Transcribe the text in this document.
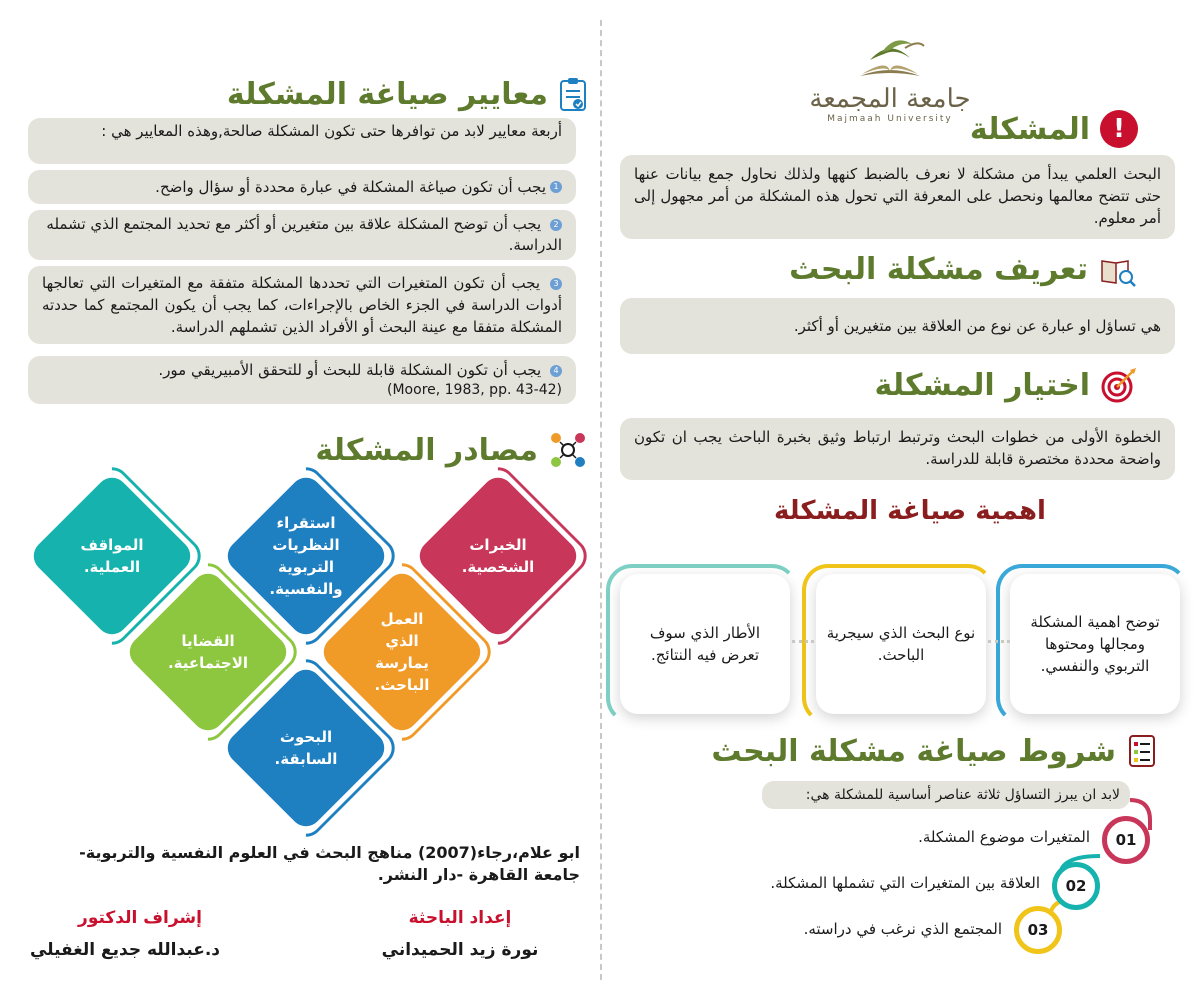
جامعة المجمعة
Majmaah University	!
المشكلة
البحث العلمي يبدأ من مشكلة لا نعرف بالضبط كنهها ولذلك نحاول جمع بيانات عنها حتى تتضح معالمها ونحصل على المعرفة التي تحول هذه المشكلة من أمر مجهول إلى أمر معلوم.
تعريف مشكلة البحث
هي تساؤل او عبارة عن نوع من العلاقة بين متغيرين أو أكثر.
اختيار المشكلة
الخطوة الأولى من خطوات البحث وترتبط ارتباط وثيق بخبرة الباحث يجب ان تكون واضحة محددة مختصرة قابلة للدراسة.
اهمية صياغة المشكلة
توضح اهمية المشكلة ومجالها ومحتوها التربوي والنفسي.
نوع البحث الذي سيجرية الباحث.
الأطار الذي سوف تعرض فيه النتائج.
شروط صياغة مشكلة البحث
لابد ان يبرز التساؤل ثلاثة عناصر أساسية للمشكلة هي:
01
المتغيرات موضوع المشكلة.
02
العلاقة بين المتغيرات التي تشملها المشكلة.
03
المجتمع الذي نرغب في دراسته.
معايير صياغة المشكلة
أربعة معايير لابد من توافرها حتى تكون المشكلة صالحة,وهذه المعايير هي :
1
يجب أن تكون صياغة المشكلة في عبارة محددة أو سؤال واضح.
2 يجب أن توضح المشكلة علاقة بين متغيرين أو أكثر مع تحديد المجتمع الذي تشمله الدراسة.
3 يجب أن تكون المتغيرات التي تحددها المشكلة متفقة مع المتغيرات التي تعالجها أدوات الدراسة في الجزء الخاص بالإجراءات، كما يجب أن يكون المجتمع كما حددته المشكلة متفقا مع عينة البحث أو الأفراد الذين تشملهم الدراسة.
4 يجب أن تكون المشكلة قابلة للبحث أو للتحقق الأمبيريقي مور.
(Moore, 1983, pp. 43-42)
مصادر المشكلة
الخبرات الشخصية.
استقراء النظريات التربوية والنفسية.
المواقف العملية.
العمل الذي يمارسة الباحث.
القضايا الاجتماعية.
البحوث السابقة.
ابو علام،رجاء(2007) مناهج البحث في العلوم النفسية والتربوية- جامعة القاهرة -دار النشر.
إشراف الدكتور
د.عبدالله جديع الغفيلي
إعداد الباحثة
نورة زيد الحميداني
